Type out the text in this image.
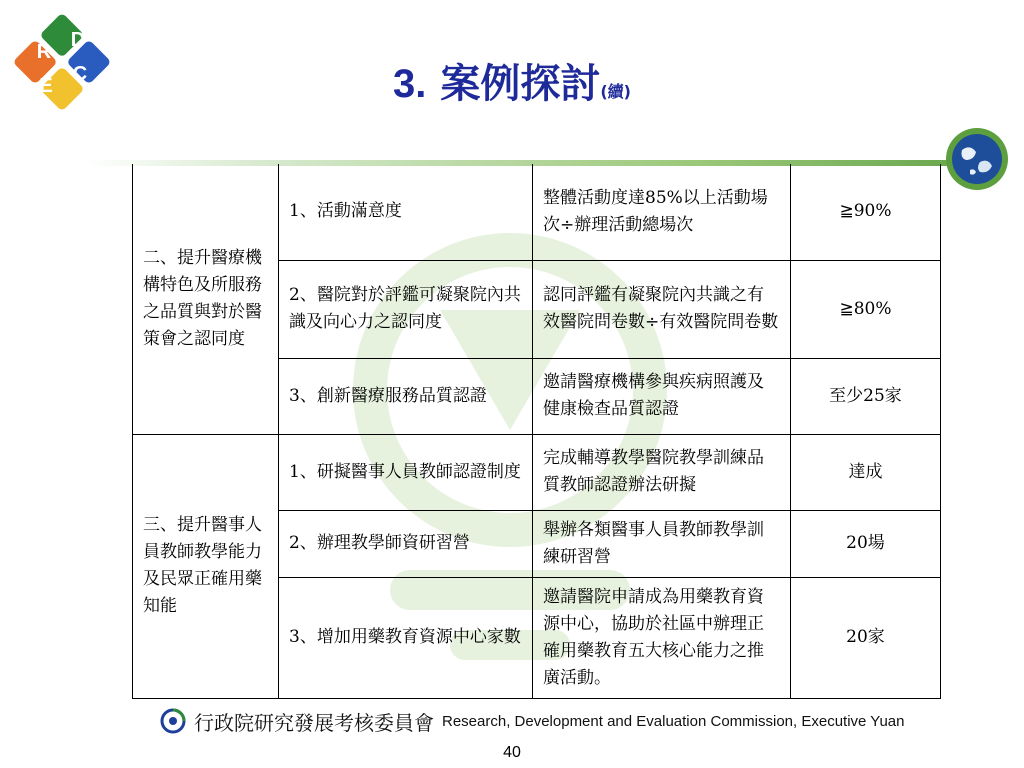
R
D
E
C	3. 案例探討(續)
二、提升醫療機構特色及所服務之品質與對於醫策會之認同度	1、活動滿意度	整體活動度達85%以上活動場次÷辦理活動總場次	≧90%
	2、醫院對於評鑑可凝聚院內共識及向心力之認同度	認同評鑑有凝聚院內共識之有效醫院問卷數÷有效醫院問卷數	≧80%
	3、創新醫療服務品質認證	邀請醫療機構參與疾病照護及健康檢查品質認證	至少25家
三、提升醫事人員教師教學能力及民眾正確用藥知能	1、研擬醫事人員教師認證制度	完成輔導教學醫院教學訓練品質教師認證辦法研擬	達成
	2、辦理教學師資研習營	舉辦各類醫事人員教師教學訓練研習營	20場
	3、增加用藥教育資源中心家數	邀請醫院申請成為用藥教育資源中心，協助於社區中辦理正確用藥教育五大核心能力之推廣活動。	20家
行政院研究發展考核委員會 Research, Development and Evaluation Commission, Executive Yuan
40
